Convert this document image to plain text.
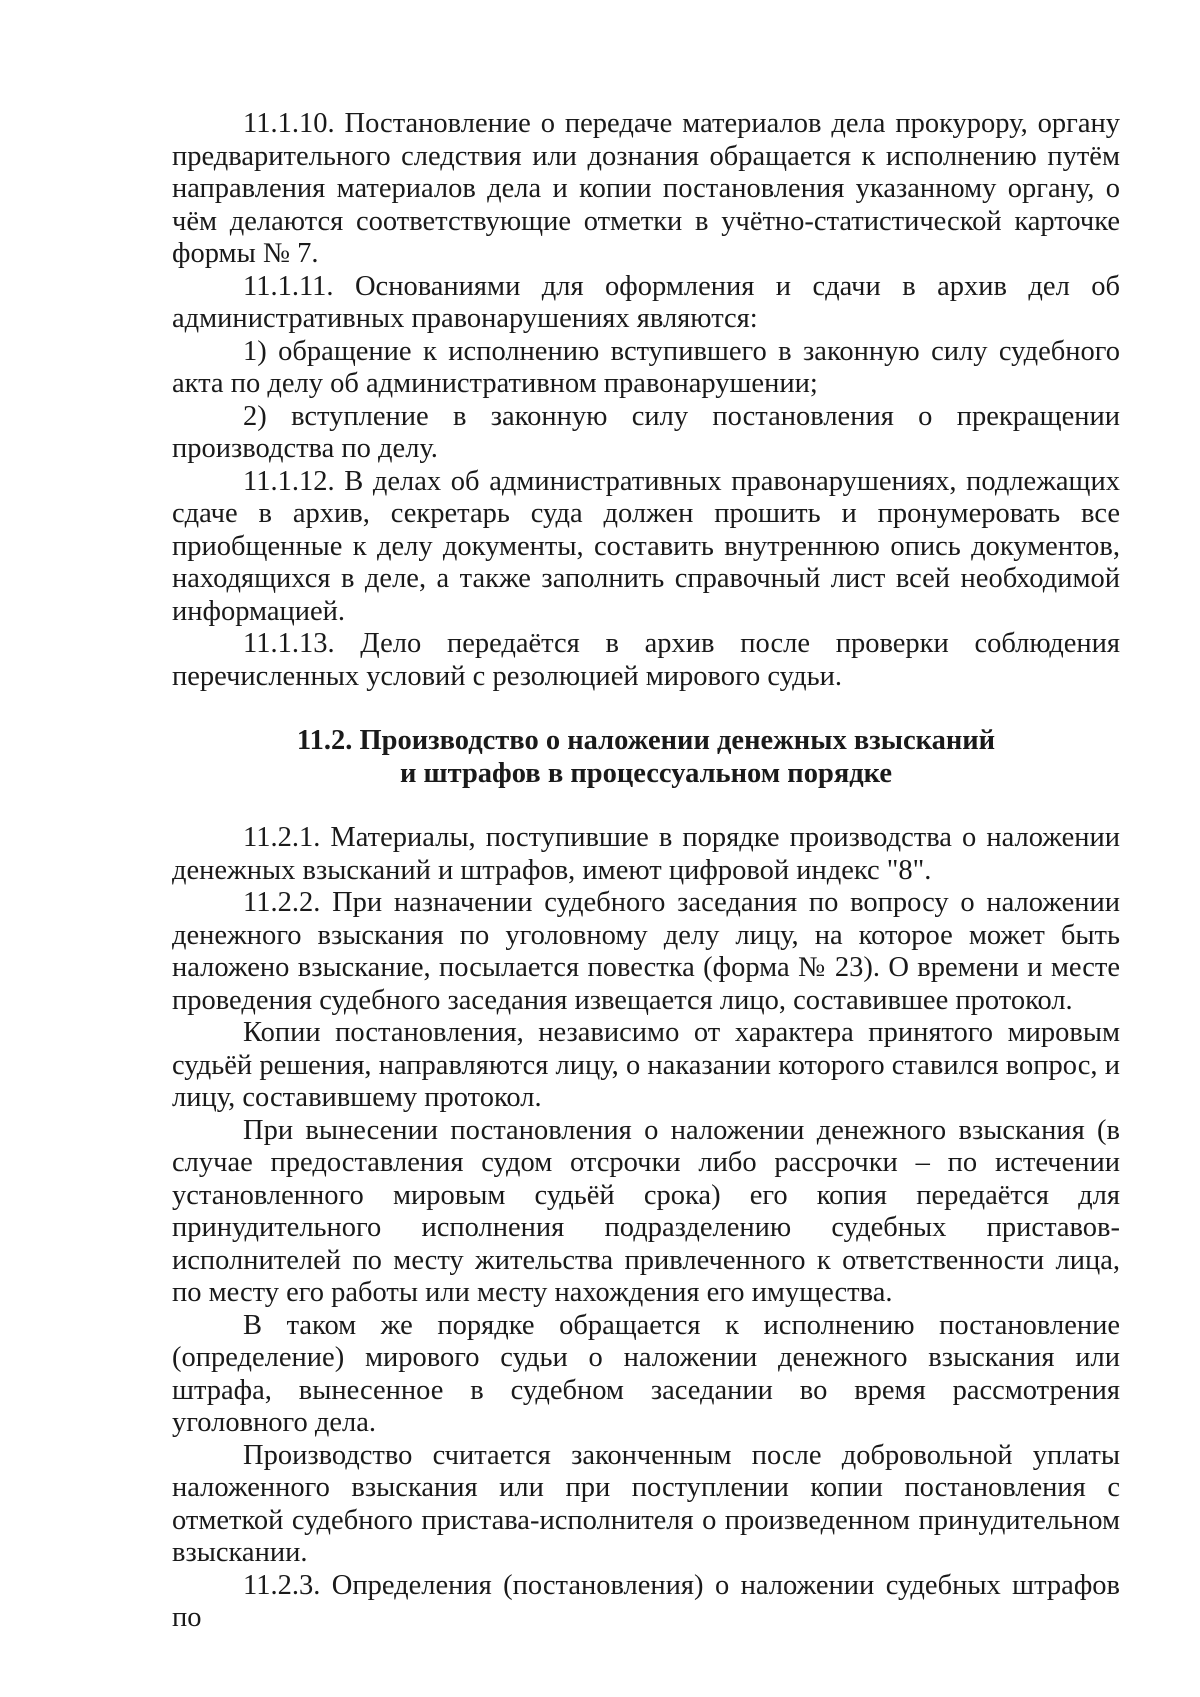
11.1.10. Постановление о передаче материалов дела прокурору, органу предварительного следствия или дознания обращается к исполнению путём направления материалов дела и копии постановления указанному органу, о чём делаются соответствующие отметки в учётно-статистической карточке формы № 7.

11.1.11. Основаниями для оформления и сдачи в архив дел об административных правонарушениях являются:

1) обращение к исполнению вступившего в законную силу судебного акта по делу об административном правонарушении;

2) вступление в законную силу постановления о прекращении производства по делу.

11.1.12. В делах об административных правонарушениях, подлежащих сдаче в архив, секретарь суда должен прошить и пронумеровать все приобщенные к делу документы, составить внутреннюю опись документов, находящихся в деле, а также заполнить справочный лист всей необходимой информацией.

11.1.13. Дело передаётся в архив после проверки соблюдения перечисленных условий с резолюцией мирового судьи.

11.2. Производство о наложении денежных взысканий
и штрафов в процессуальном порядке

11.2.1. Материалы, поступившие в порядке производства о наложении денежных взысканий и штрафов, имеют цифровой индекс "8".

11.2.2. При назначении судебного заседания по вопросу о наложении денежного взыскания по уголовному делу лицу, на которое может быть наложено взыскание, посылается повестка (форма № 23). О времени и месте проведения судебного заседания извещается лицо, составившее протокол.

Копии постановления, независимо от характера принятого мировым судьёй решения, направляются лицу, о наказании которого ставился вопрос, и лицу, составившему протокол.

При вынесении постановления о наложении денежного взыскания (в случае предоставления судом отсрочки либо рассрочки – по истечении установленного мировым судьёй срока) его копия передаётся для принудительного исполнения подразделению судебных приставов-исполнителей по месту жительства привлеченного к ответственности лица, по месту его работы или месту нахождения его имущества.

В таком же порядке обращается к исполнению постановление (определение) мирового судьи о наложении денежного взыскания или штрафа, вынесенное в судебном заседании во время рассмотрения уголовного дела.

Производство считается законченным после добровольной уплаты наложенного взыскания или при поступлении копии постановления с отметкой судебного пристава-исполнителя о произведенном принудительном взыскании.

11.2.3. Определения (постановления) о наложении судебных штрафов по
